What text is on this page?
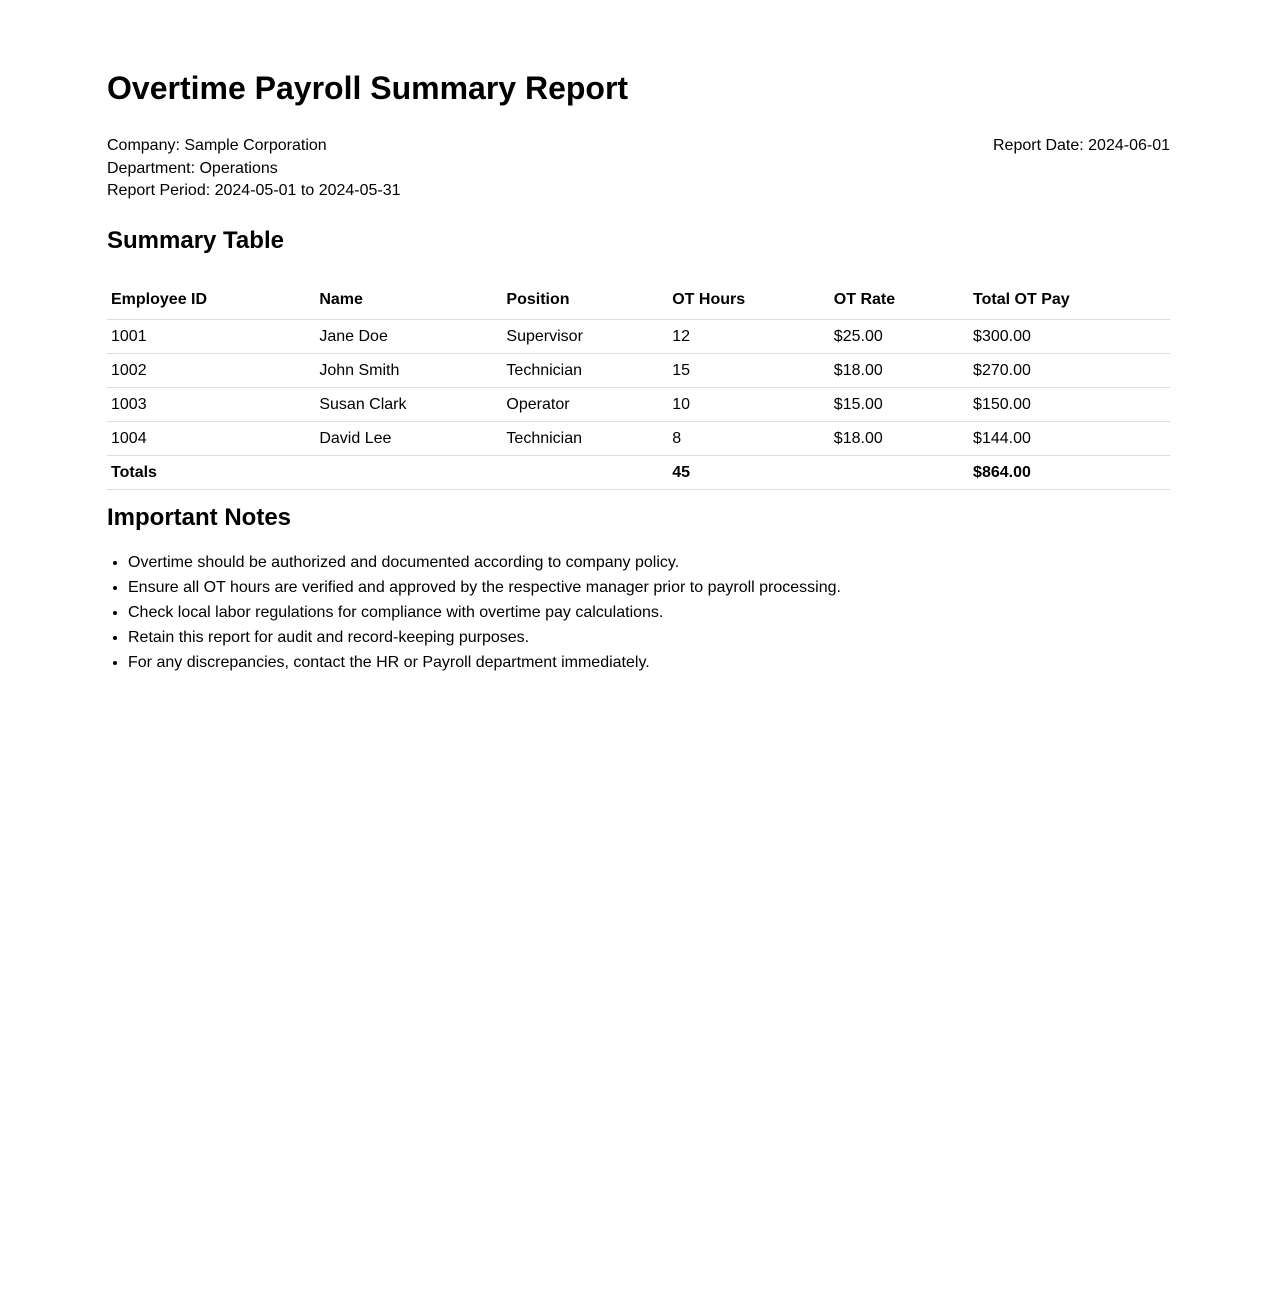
Overtime Payroll Summary Report
Company: Sample Corporation
Department: Operations
Report Period: 2024-05-01 to 2024-05-31
Report Date: 2024-06-01
Summary Table
Employee ID	Name	Position	OT Hours	OT Rate	Total OT Pay
1001	Jane Doe	Supervisor	12	$25.00	$300.00
1002	John Smith	Technician	15	$18.00	$270.00
1003	Susan Clark	Operator	10	$15.00	$150.00
1004	David Lee	Technician	8	$18.00	$144.00
Totals			45		$864.00
Important Notes
• Overtime should be authorized and documented according to company policy.
• Ensure all OT hours are verified and approved by the respective manager prior to payroll processing.
• Check local labor regulations for compliance with overtime pay calculations.
• Retain this report for audit and record-keeping purposes.
• For any discrepancies, contact the HR or Payroll department immediately.
